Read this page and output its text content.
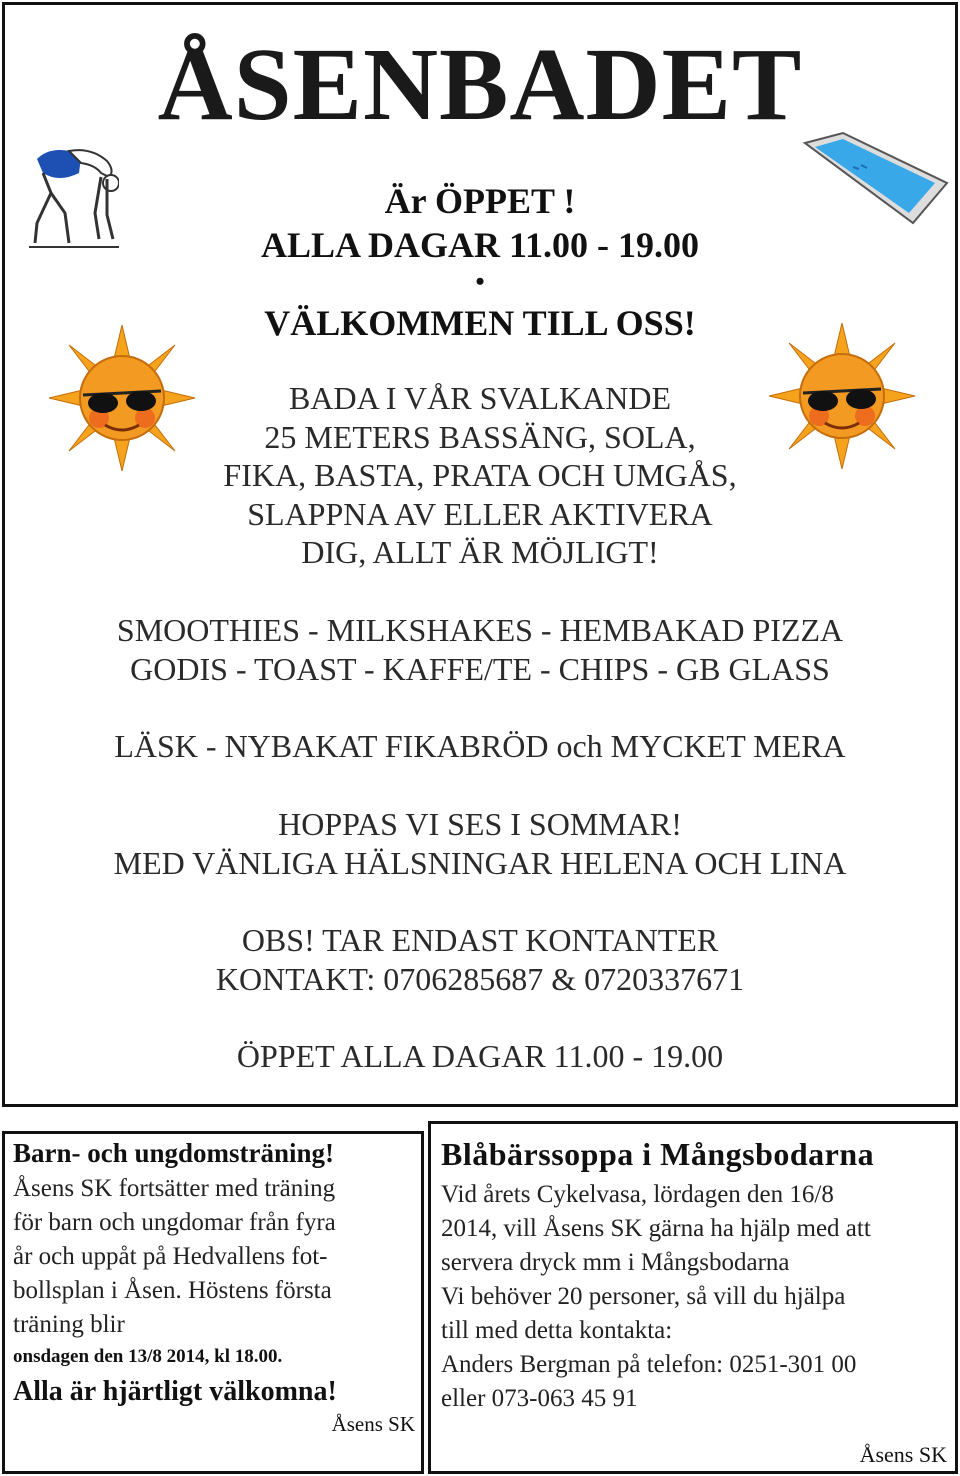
ÅSENBADET
Är ÖPPET !
ALLA DAGAR 11.00 - 19.00
•
VÄLKOMMEN TILL OSS!
BADA I VÅR SVALKANDE
25 METERS BASSÄNG, SOLA,
FIKA, BASTA, PRATA OCH UMGÅS,
SLAPPNA AV ELLER AKTIVERA
DIG, ALLT ÄR MÖJLIGT!
SMOOTHIES - MILKSHAKES - HEMBAKAD PIZZA
GODIS - TOAST - KAFFE/TE - CHIPS - GB GLASS
LÄSK - NYBAKAT FIKABRÖD och MYCKET MERA
HOPPAS VI SES I SOMMAR!
MED VÄNLIGA HÄLSNINGAR HELENA OCH LINA
OBS! TAR ENDAST KONTANTER
KONTAKT: 0706285687 & 0720337671
ÖPPET ALLA DAGAR 11.00 - 19.00
Barn- och ungdomsträning!
Åsens SK fortsätter med träning
för barn och ungdomar från fyra
år och uppåt på Hedvallens fot-
bollsplan i Åsen. Höstens första
träning blir
onsdagen den 13/8 2014, kl 18.00.
Alla är hjärtligt välkomna!
Åsens SK
Blåbärssoppa i Mångsbodarna
Vid årets Cykelvasa, lördagen den 16/8
2014, vill Åsens SK gärna ha hjälp med att
servera dryck mm i Mångsbodarna
Vi behöver 20 personer, så vill du hjälpa
till med detta kontakta:
Anders Bergman på telefon: 0251-301 00
eller 073-063 45 91
Åsens SK
